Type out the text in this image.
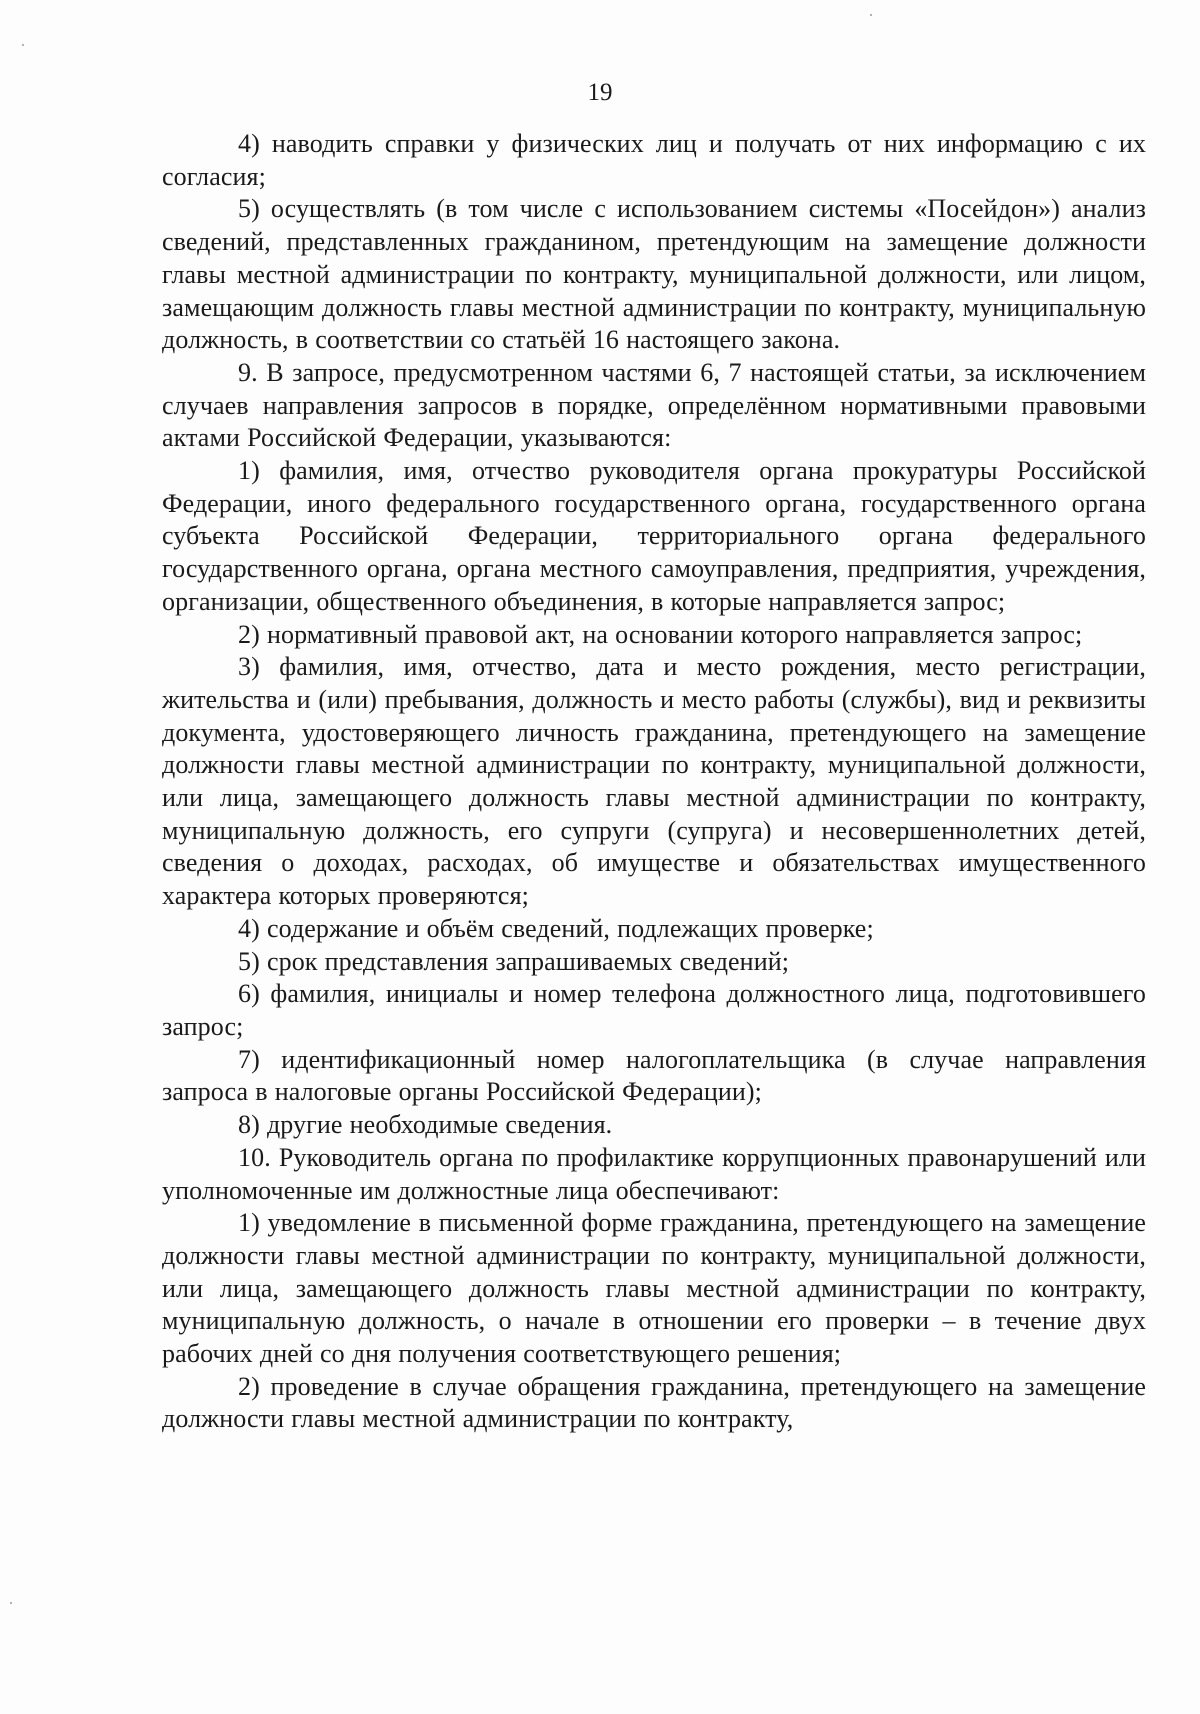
19

4) наводить справки у физических лиц и получать от них информацию с их согласия;

5) осуществлять (в том числе с использованием системы «Посейдон») анализ сведений, представленных гражданином, претендующим на замещение должности главы местной администрации по контракту, муниципальной должности, или лицом, замещающим должность главы местной администрации по контракту, муниципальную должность, в соответствии со статьёй 16 настоящего закона.

9. В запросе, предусмотренном частями 6, 7 настоящей статьи, за исключением случаев направления запросов в порядке, определённом нормативными правовыми актами Российской Федерации, указываются:

1) фамилия, имя, отчество руководителя органа прокуратуры Российской Федерации, иного федерального государственного органа, государственного органа субъекта Российской Федерации, территориального органа федерального государственного органа, органа местного самоуправления, предприятия, учреждения, организации, общественного объединения, в которые направляется запрос;

2) нормативный правовой акт, на основании которого направляется запрос;

3) фамилия, имя, отчество, дата и место рождения, место регистрации, жительства и (или) пребывания, должность и место работы (службы), вид и реквизиты документа, удостоверяющего личность гражданина, претендующего на замещение должности главы местной администрации по контракту, муниципальной должности, или лица, замещающего должность главы местной администрации по контракту, муниципальную должность, его супруги (супруга) и несовершеннолетних детей, сведения о доходах, расходах, об имуществе и обязательствах имущественного характера которых проверяются;

4) содержание и объём сведений, подлежащих проверке;

5) срок представления запрашиваемых сведений;

6) фамилия, инициалы и номер телефона должностного лица, подготовившего запрос;

7) идентификационный номер налогоплательщика (в случае направления запроса в налоговые органы Российской Федерации);

8) другие необходимые сведения.

10. Руководитель органа по профилактике коррупционных правонарушений или уполномоченные им должностные лица обеспечивают:

1) уведомление в письменной форме гражданина, претендующего на замещение должности главы местной администрации по контракту, муниципальной должности, или лица, замещающего должность главы местной администрации по контракту, муниципальную должность, о начале в отношении его проверки – в течение двух рабочих дней со дня получения соответствующего решения;

2) проведение в случае обращения гражданина, претендующего на замещение должности главы местной администрации по контракту,
